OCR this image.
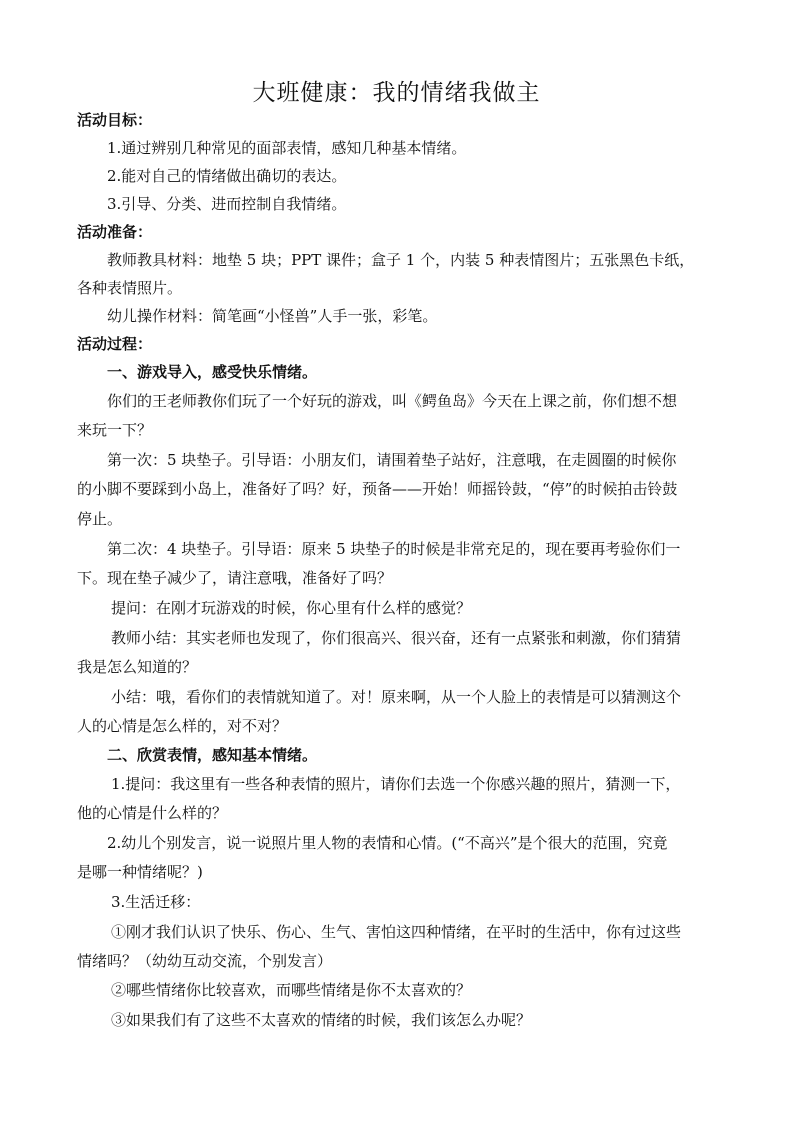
大班健康：我的情绪我做主
活动目标：
1.通过辨别几种常见的面部表情，感知几种基本情绪。
2.能对自己的情绪做出确切的表达。
3.引导、分类、进而控制自我情绪。
活动准备：
教师教具材料：地垫 5 块；PPT 课件；盒子 1 个，内装 5 种表情图片；五张黑色卡纸，
各种表情照片。
幼儿操作材料：简笔画“小怪兽”人手一张，彩笔。
活动过程：
一、游戏导入，感受快乐情绪。
你们的王老师教你们玩了一个好玩的游戏，叫《鳄鱼岛》今天在上课之前，你们想不想
来玩一下？
第一次：5 块垫子。引导语：小朋友们，请围着垫子站好，注意哦，在走圆圈的时候你
的小脚不要踩到小岛上，准备好了吗？好，预备——开始！师摇铃鼓，“停”的时候拍击铃鼓
停止。
第二次：4 块垫子。引导语：原来 5 块垫子的时候是非常充足的，现在要再考验你们一
下。现在垫子减少了，请注意哦，准备好了吗？
提问：在刚才玩游戏的时候，你心里有什么样的感觉？
教师小结：其实老师也发现了，你们很高兴、很兴奋，还有一点紧张和刺激，你们猜猜
我是怎么知道的？
小结：哦，看你们的表情就知道了。对！原来啊，从一个人脸上的表情是可以猜测这个
人的心情是怎么样的，对不对？
二、欣赏表情，感知基本情绪。
1.提问：我这里有一些各种表情的照片，请你们去选一个你感兴趣的照片，猜测一下，
他的心情是什么样的？
2.幼儿个别发言，说一说照片里人物的表情和心情。(“不高兴”是个很大的范围，究竟
是哪一种情绪呢？)
3.生活迁移：
①刚才我们认识了快乐、伤心、生气、害怕这四种情绪，在平时的生活中，你有过这些
情绪吗？（幼幼互动交流，个别发言）
②哪些情绪你比较喜欢，而哪些情绪是你不太喜欢的？
③如果我们有了这些不太喜欢的情绪的时候，我们该怎么办呢？
